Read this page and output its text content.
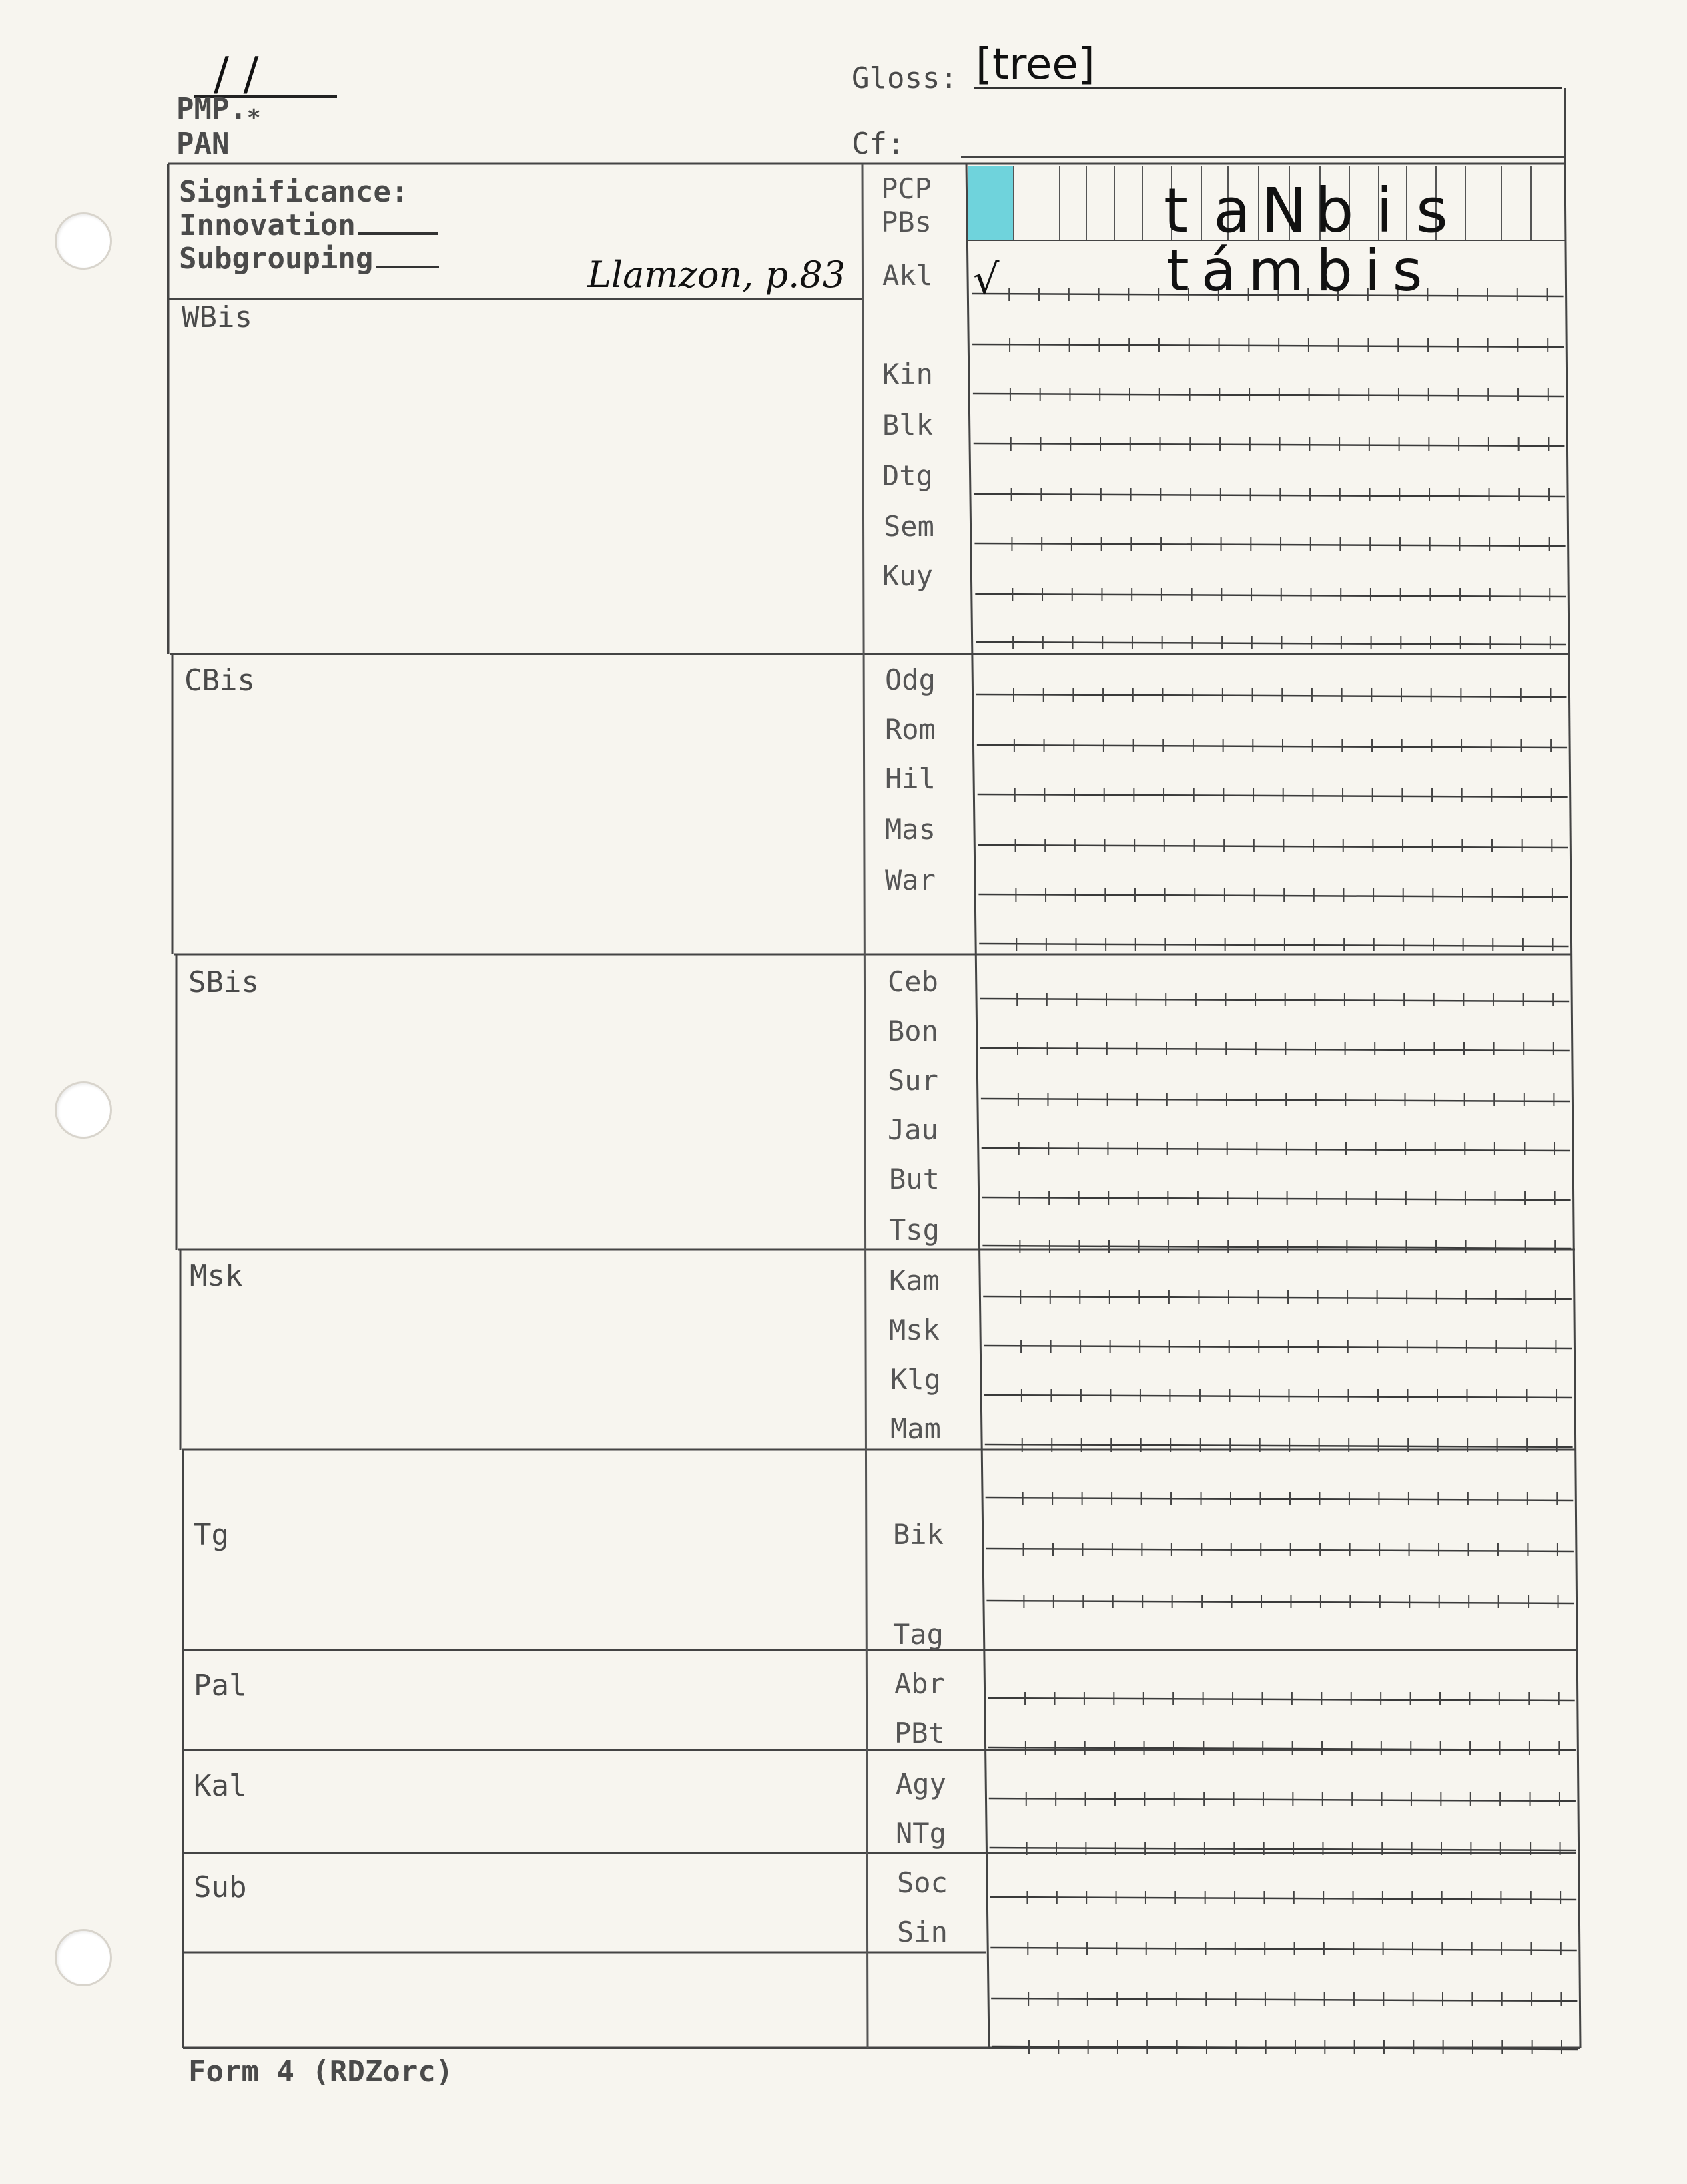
/ /
$PMP._*$
PAN
Gloss: [tree]
Cf:
Significance:
Innovation
Subgrouping	Llamzon, p.83
WBis
CBis
SBis
Msk
Tg
Pal
Kal
Sub
PCP
PBs
Akl
Kin
Blk
Dtg
Sem
Kuy
Odg
Rom
Hil
Mas
War
Ceb
Bon
Sur
Jau
But
Tsg
Kam
Msk
Klg
Mam
Bik
Tag
Abr
PBt
Agy
NTg
Soc
Sin
t a N b i s
√	támbis
Form 4 (RDZorc)
